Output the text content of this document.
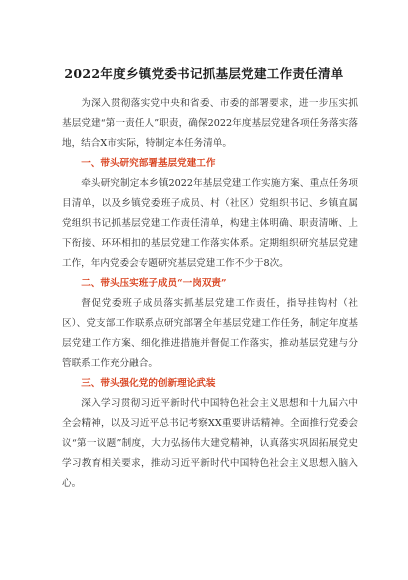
2022年度乡镇党委书记抓基层党建工作责任清单

为深入贯彻落实党中央和省委、市委的部署要求，进一步压实抓基层党建“第一责任人”职责，确保2022年度基层党建各项任务落实落地，结合X市实际，特制定本任务清单。

一、带头研究部署基层党建工作

牵头研究制定本乡镇2022年基层党建工作实施方案、重点任务项目清单，以及乡镇党委班子成员、村（社区）党组织书记、乡镇直属党组织书记抓基层党建工作责任清单，构建主体明确、职责清晰、上下衔接、环环相扣的基层党建工作落实体系。定期组织研究基层党建工作，年内党委会专题研究基层党建工作不少于8次。

二、带头压实班子成员“一岗双责”

督促党委班子成员落实抓基层党建工作责任，指导挂钩村（社区）、党支部工作联系点研究部署全年基层党建工作任务，制定年度基层党建工作方案、细化推进措施并督促工作落实，推动基层党建与分管联系工作充分融合。

三、带头强化党的创新理论武装

深入学习贯彻习近平新时代中国特色社会主义思想和十九届六中全会精神，以及习近平总书记考察XX重要讲话精神。全面推行党委会议“第一议题”制度，大力弘扬伟大建党精神，认真落实巩固拓展党史学习教育相关要求，推动习近平新时代中国特色社会主义思想入脑入心。
